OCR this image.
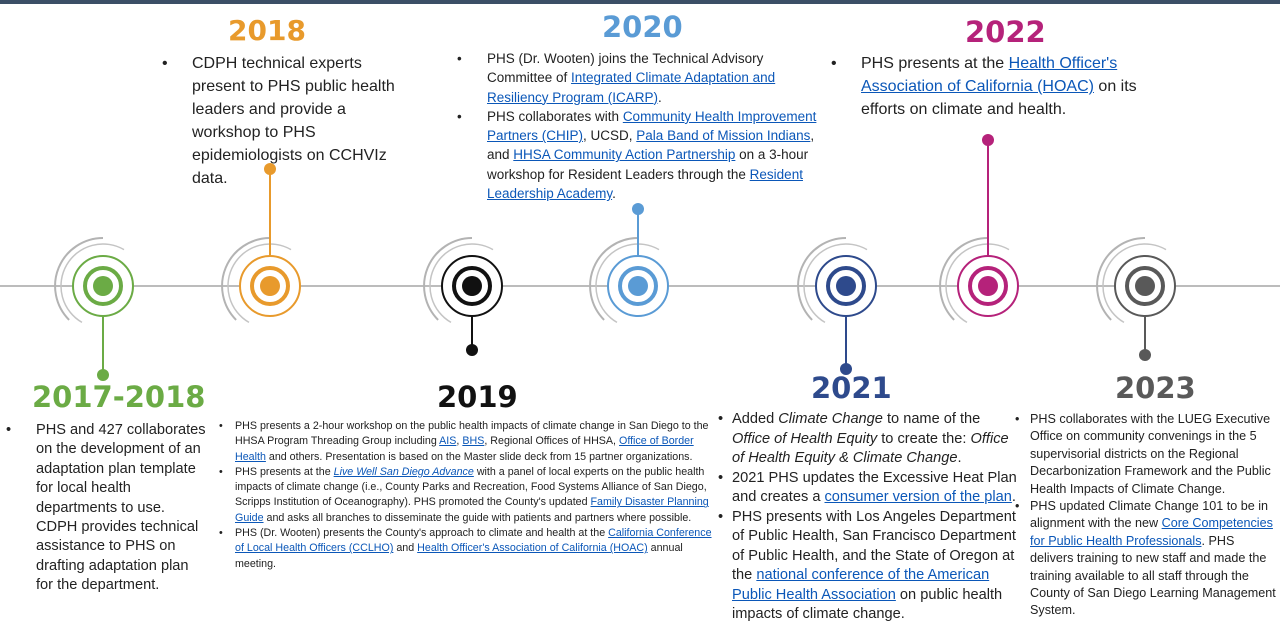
2017-2018
2018
2019
2020
2021
2022
2023
• PHS and 427 collaborates on the development of an adaptation plan template for local health departments to use. CDPH provides technical assistance to PHS on drafting adaptation plan for the department.
• CDPH technical experts present to PHS public health leaders and provide a workshop to PHS epidemiologists on CCHVIz data.
• PHS presents a 2-hour workshop on the public health impacts of climate change in San Diego to the HHSA Program Threading Group including AIS, BHS, Regional Offices of HHSA, Office of Border Health and others. Presentation is based on the Master slide deck from 15 partner organizations.
• PHS presents at the Live Well San Diego Advance with a panel of local experts on the public health impacts of climate change (i.e., County Parks and Recreation, Food Systems Alliance of San Diego, Scripps Institution of Oceanography). PHS promoted the County's updated Family Disaster Planning Guide and asks all branches to disseminate the guide with patients and partners where possible.
• PHS (Dr. Wooten) presents the County's approach to climate and health at the California Conference of Local Health Officers (CCLHO) and Health Officer's Association of California (HOAC) annual meeting.
• PHS (Dr. Wooten) joins the Technical Advisory Committee of Integrated Climate Adaptation and Resiliency Program (ICARP).
• PHS collaborates with Community Health Improvement Partners (CHIP), UCSD, Pala Band of Mission Indians, and HHSA Community Action Partnership on a 3-hour workshop for Resident Leaders through the Resident Leadership Academy.
• Added Climate Change to name of the Office of Health Equity to create the: Office of Health Equity & Climate Change.
• 2021 PHS updates the Excessive Heat Plan and creates a consumer version of the plan.
• PHS presents with Los Angeles Department of Public Health, San Francisco Department of Public Health, and the State of Oregon at the national conference of the American Public Health Association on public health impacts of climate change.
• PHS presents at the Health Officer's Association of California (HOAC) on its efforts on climate and health.
• PHS collaborates with the LUEG Executive Office on community convenings in the 5 supervisorial districts on the Regional Decarbonization Framework and the Public Health Impacts of Climate Change.
• PHS updated Climate Change 101 to be in alignment with the new Core Competencies for Public Health Professionals. PHS delivers training to new staff and made the training available to all staff through the County of San Diego Learning Management System.
